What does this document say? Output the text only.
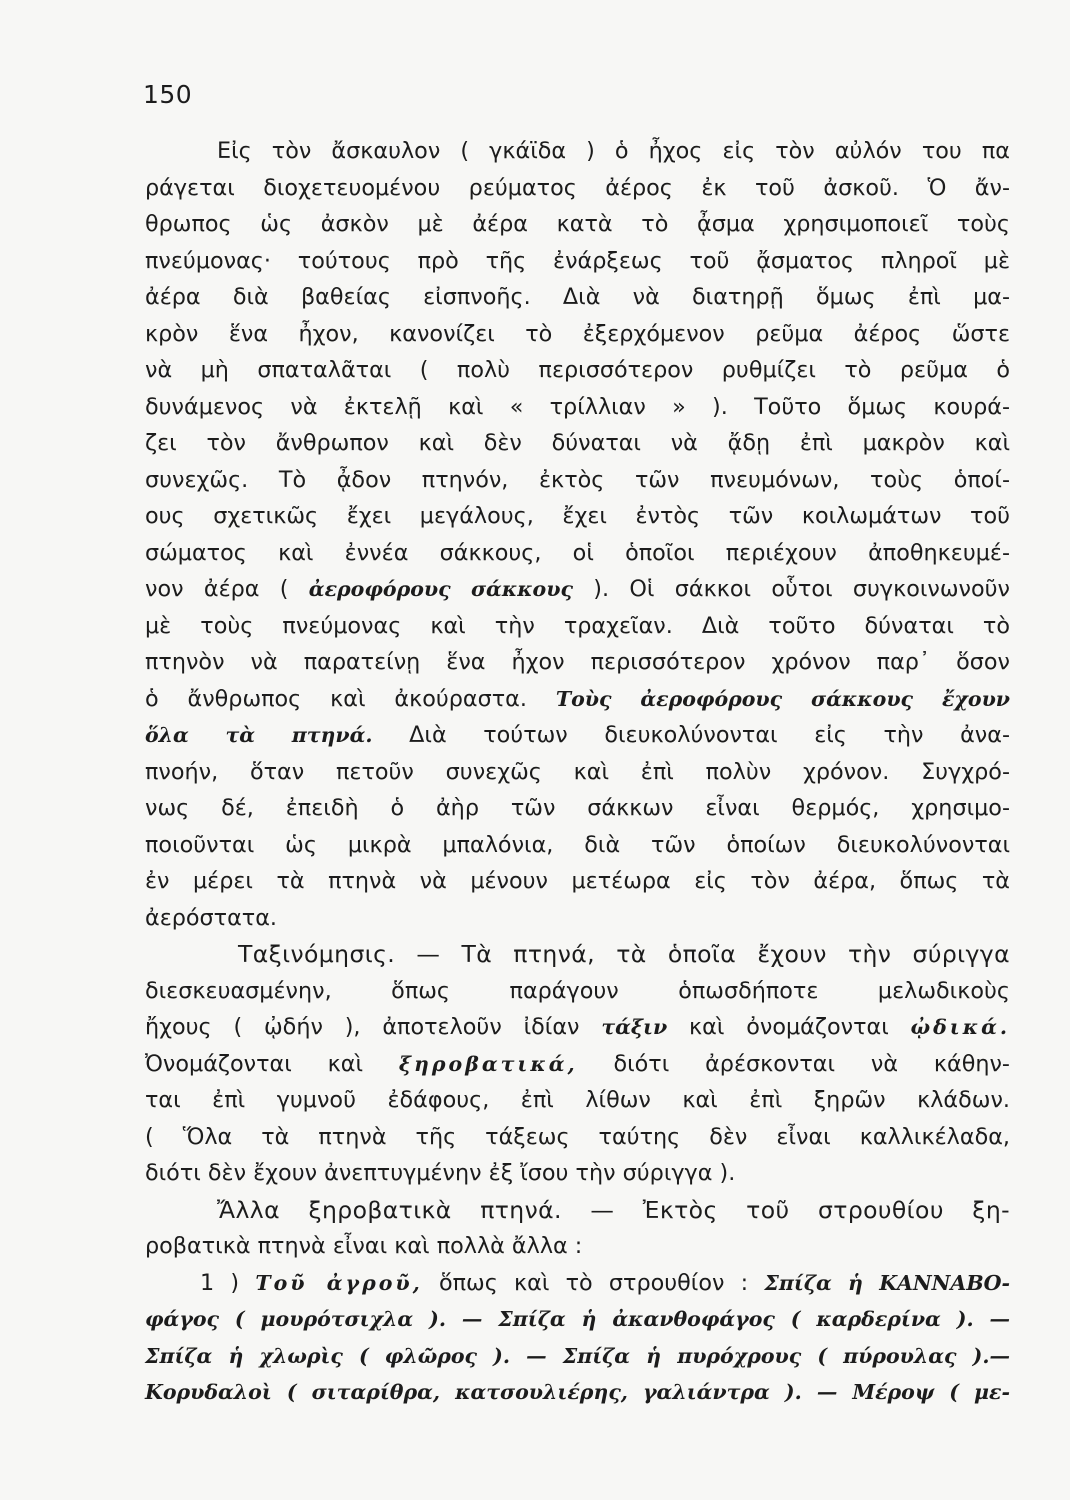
150
Εἰς τὸν ἄσκαυλον ( γκάϊδα ) ὁ ἦχος εἰς τὸν αὐλόν του πα
ράγεται διοχετευομένου ρεύματος ἀέρος ἐκ τοῦ ἀσκοῦ. Ὁ ἄν-
θρωπος ὡς ἀσκὸν μὲ ἀέρα κατὰ τὸ ᾆσμα χρησιμοποιεῖ τοὺς
πνεύμονας· τούτους πρὸ τῆς ἐνάρξεως τοῦ ᾄσματος πληροῖ μὲ
ἀέρα διὰ βαθείας εἰσπνοῆς. Διὰ νὰ διατηρῇ ὅμως ἐπὶ μα-
κρὸν ἕνα ἦχον, κανονίζει τὸ ἐξερχόμενον ρεῦμα ἀέρος ὥστε
νὰ μὴ σπαταλᾶται ( πολὺ περισσότερον ρυθμίζει τὸ ρεῦμα ὁ
δυνάμενος νὰ ἐκτελῇ καὶ « τρίλλιαν » ). Τοῦτο ὅμως κουρά-
ζει τὸν ἄνθρωπον καὶ δὲν δύναται νὰ ᾄδῃ ἐπὶ μακρὸν καὶ
συνεχῶς. Τὸ ᾆδον πτηνόν, ἐκτὸς τῶν πνευμόνων, τοὺς ὁποί-
ους σχετικῶς ἔχει μεγάλους, ἔχει ἐντὸς τῶν κοιλωμάτων τοῦ
σώματος καὶ ἐννέα σάκκους, οἱ ὁποῖοι περιέχουν ἀποθηκευμέ-
νον ἀέρα ( ἀεροφόρους σάκκους ). Οἱ σάκκοι οὗτοι συγκοινωνοῦν
μὲ τοὺς πνεύμονας καὶ τὴν τραχεῖαν. Διὰ τοῦτο δύναται τὸ
πτηνὸν νὰ παρατείνῃ ἕνα ἦχον περισσότερον χρόνον παρ᾽ ὅσον
ὁ ἄνθρωπος καὶ ἀκούραστα. Τοὺς ἀεροφόρους σάκκους ἔχουν
ὅλα τὰ πτηνά. Διὰ τούτων διευκολύνονται εἰς τὴν ἀνα-
πνοήν, ὅταν πετοῦν συνεχῶς καὶ ἐπὶ πολὺν χρόνον. Συγχρό-
νως δέ, ἐπειδὴ ὁ ἀὴρ τῶν σάκκων εἶναι θερμός, χρησιμο-
ποιοῦνται ὡς μικρὰ μπαλόνια, διὰ τῶν ὁποίων διευκολύνονται
ἐν μέρει τὰ πτηνὰ νὰ μένουν μετέωρα εἰς τὸν ἀέρα, ὅπως τὰ
ἀερόστατα.
Ταξινόμησις. — Τὰ πτηνά, τὰ ὁποῖα ἔχουν τὴν σύριγγα
διεσκευασμένην, ὅπως παράγουν ὁπωσδήποτε μελωδικοὺς
ἤχους ( ᾠδήν ), ἀποτελοῦν ἰδίαν τάξιν καὶ ὀνομάζονται ᾠδικά.
Ὀνομάζονται καὶ ξηροβατικά, διότι ἀρέσκονται νὰ κάθην-
ται ἐπὶ γυμνοῦ ἐδάφους, ἐπὶ λίθων καὶ ἐπὶ ξηρῶν κλάδων.
( Ὅλα τὰ πτηνὰ τῆς τάξεως ταύτης δὲν εἶναι καλλικέλαδα,
διότι δὲν ἔχουν ἀνεπτυγμένην ἐξ ἴσου τὴν σύριγγα ).
Ἄλλα ξηροβατικὰ πτηνά. — Ἐκτὸς τοῦ στρουθίου ξη-
ροβατικὰ πτηνὰ εἶναι καὶ πολλὰ ἄλλα :
1 ) Τοῦ ἀγροῦ, ὅπως καὶ τὸ στρουθίον : Σπίζα ἡ ΚΑΝΝΑΒΟ-
φάγος ( μουρότσιχλα ). — Σπίζα ἡ ἀκανθοφάγος ( καρδερίνα ). —
Σπίζα ἡ χλωρὶς ( φλῶρος ). — Σπίζα ἡ πυρόχρους ( πύρουλας ).—
Κορυδαλοὶ ( σιταρίθρα, κατσουλιέρης, γαλιάντρα ). — Μέροψ ( με-
